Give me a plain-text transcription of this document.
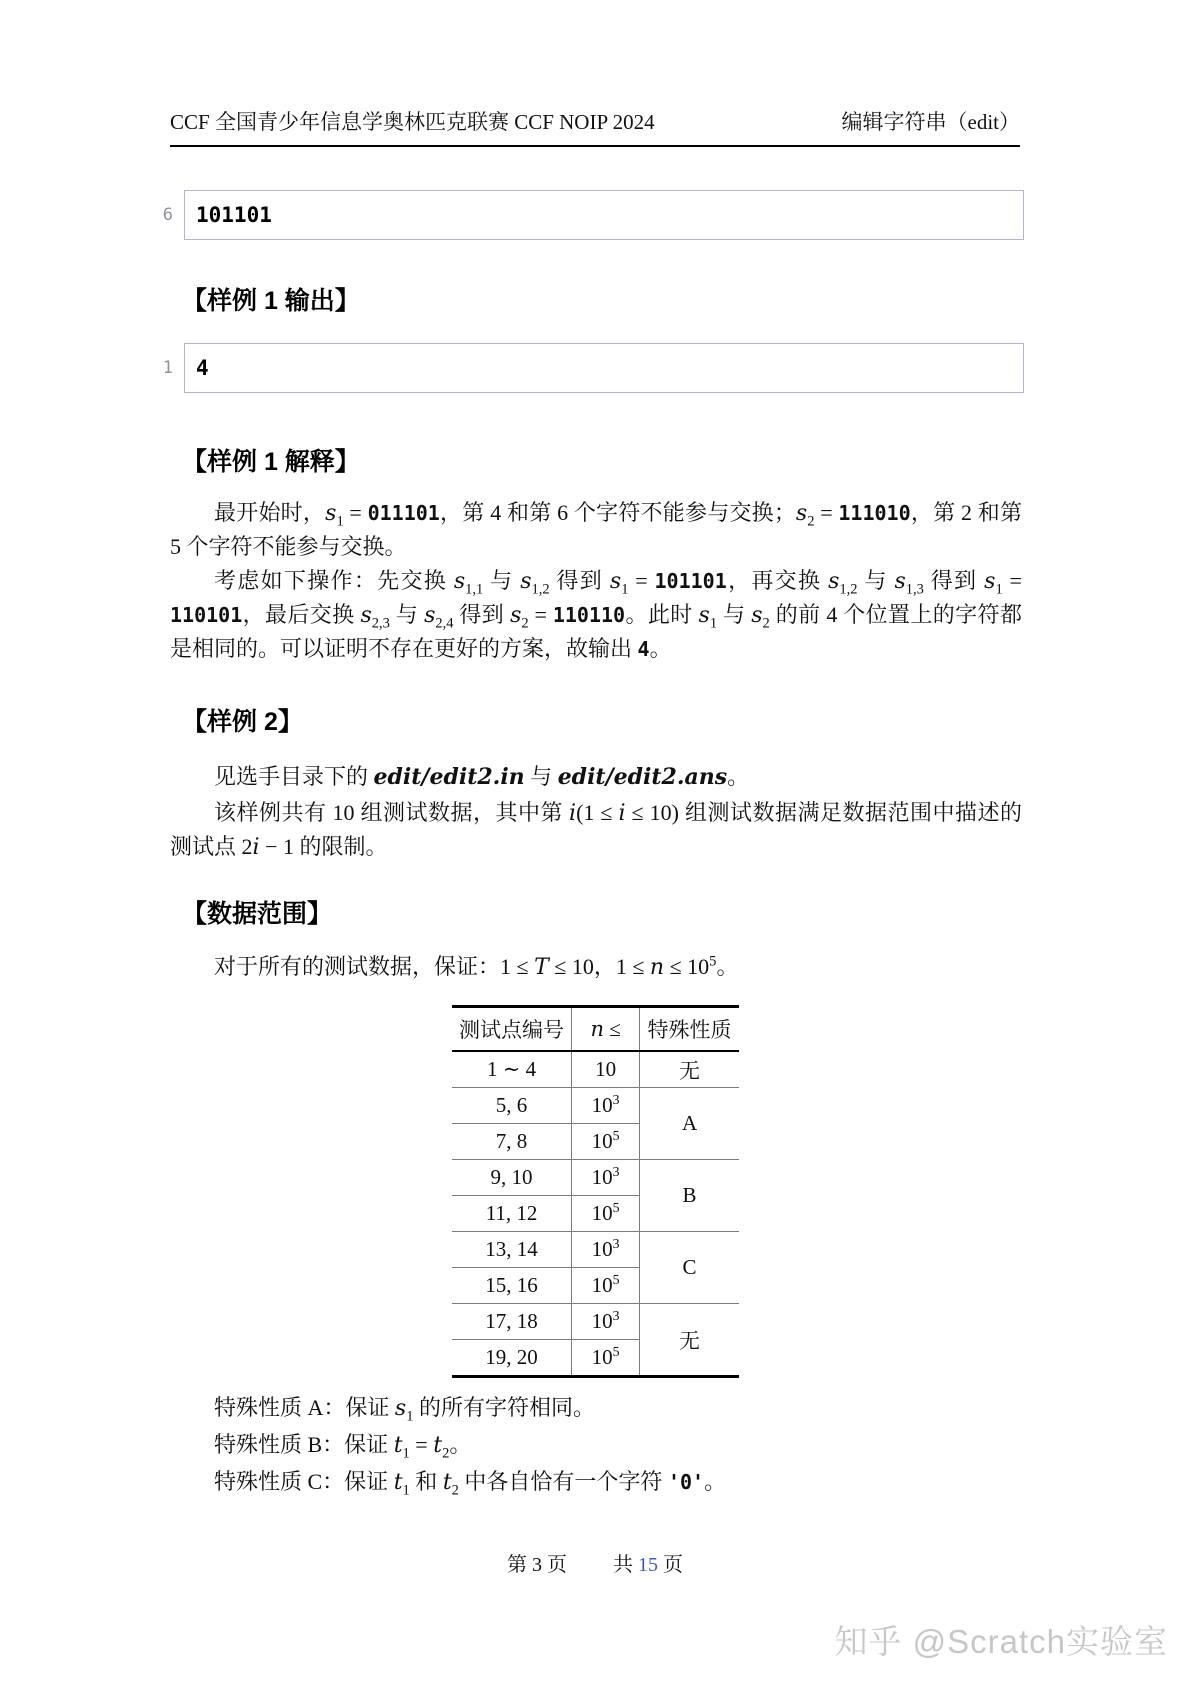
CCF 全国青少年信息学奥林匹克联赛 CCF NOIP 2024	编辑字符串（edit）
6	101101
【样例 1 输出】
1	4
【样例 1 解释】
最开始时，$s_1 = 011101$，第 4 和第 6 个字符不能参与交换；$s_2 = 111010$，第 2 和第 5 个字符不能参与交换。
考虑如下操作：先交换 $s_{1,1}$ 与 $s_{1,2}$ 得到 $s_1 = 101101$，再交换 $s_{1,2}$ 与 $s_{1,3}$ 得到 $s_1 = 110101$，最后交换 $s_{2,3}$ 与 $s_{2,4}$ 得到 $s_2 = 110110$。此时 $s_1$ 与 $s_2$ 的前 4 个位置上的字符都是相同的。可以证明不存在更好的方案，故输出 4。
【样例 2】
见选手目录下的 edit/edit2.in 与 edit/edit2.ans。
该样例共有 10 组测试数据，其中第 i(1 ≤ i ≤ 10) 组测试数据满足数据范围中描述的测试点 2i − 1 的限制。
【数据范围】
对于所有的测试数据，保证：1 ≤ T ≤ 10，$1 \le n \le 10^5$。
测试点编号	n ≤	特殊性质
1 ∼ 4	10	无
5, 6	$10^3$	A
7, 8	$10^5$
9, 10	$10^3$	B
11, 12	$10^5$
13, 14	$10^3$	C
15, 16	$10^5$
17, 18	$10^3$	无
19, 20	$10^5$

特殊性质 A：保证 $s_1$ 的所有字符相同。

特殊性质 B：保证 $t_1 = t_2$。

特殊性质 C：保证 $t_1$ 和 $t_2$ 中各自恰有一个字符 '0'。

第 3 页 共 15 页
知乎 @Scratch实验室
